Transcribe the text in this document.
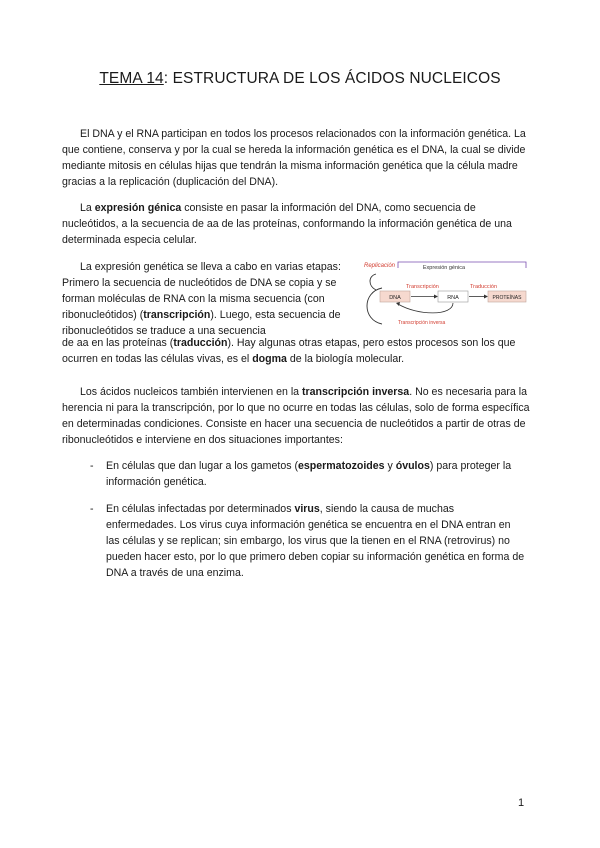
TEMA 14: ESTRUCTURA DE LOS ÁCIDOS NUCLEICOS

El DNA y el RNA participan en todos los procesos relacionados con la información genética. La que contiene, conserva y por la cual se hereda la información genética es el DNA, la cual se divide mediante mitosis en células hijas que tendrán la misma información genética que la célula madre gracias a la replicación (duplicación del DNA).

La expresión génica consiste en pasar la información del DNA, como secuencia de nucleótidos, a la secuencia de aa de las proteínas, conformando la información genética de una determinada especia celular.

La expresión genética se lleva a cabo en varias etapas: Primero la secuencia de nucleótidos de DNA se copia y se forman moléculas de RNA con la misma secuencia (con ribonucleótidos) (transcripción). Luego, esta secuencia de ribonucleótidos se traduce a una secuencia

de aa en las proteínas (traducción). Hay algunas otras etapas, pero estos procesos son los que ocurren en todas las células vivas, es el dogma de la biología molecular.

Replicación	Expresión génica
Transcripción	Traducción
DNA	RNA	PROTEÍNAS
Transcripción inversa

Los ácidos nucleicos también intervienen en la transcripción inversa. No es necesaria para la herencia ni para la transcripción, por lo que no ocurre en todas las células, solo de forma específica en determinadas condiciones. Consiste en hacer una secuencia de nucleótidos a partir de otras de ribonucleótidos e interviene en dos situaciones importantes:

- En células que dan lugar a los gametos (espermatozoides y óvulos) para proteger la información genética.

- En células infectadas por determinados virus, siendo la causa de muchas enfermedades. Los virus cuya información genética se encuentra en el DNA entran en las células y se replican; sin embargo, los virus que la tienen en el RNA (retrovirus) no pueden hacer esto, por lo que primero deben copiar su información genética en forma de DNA a través de una enzima.

1
